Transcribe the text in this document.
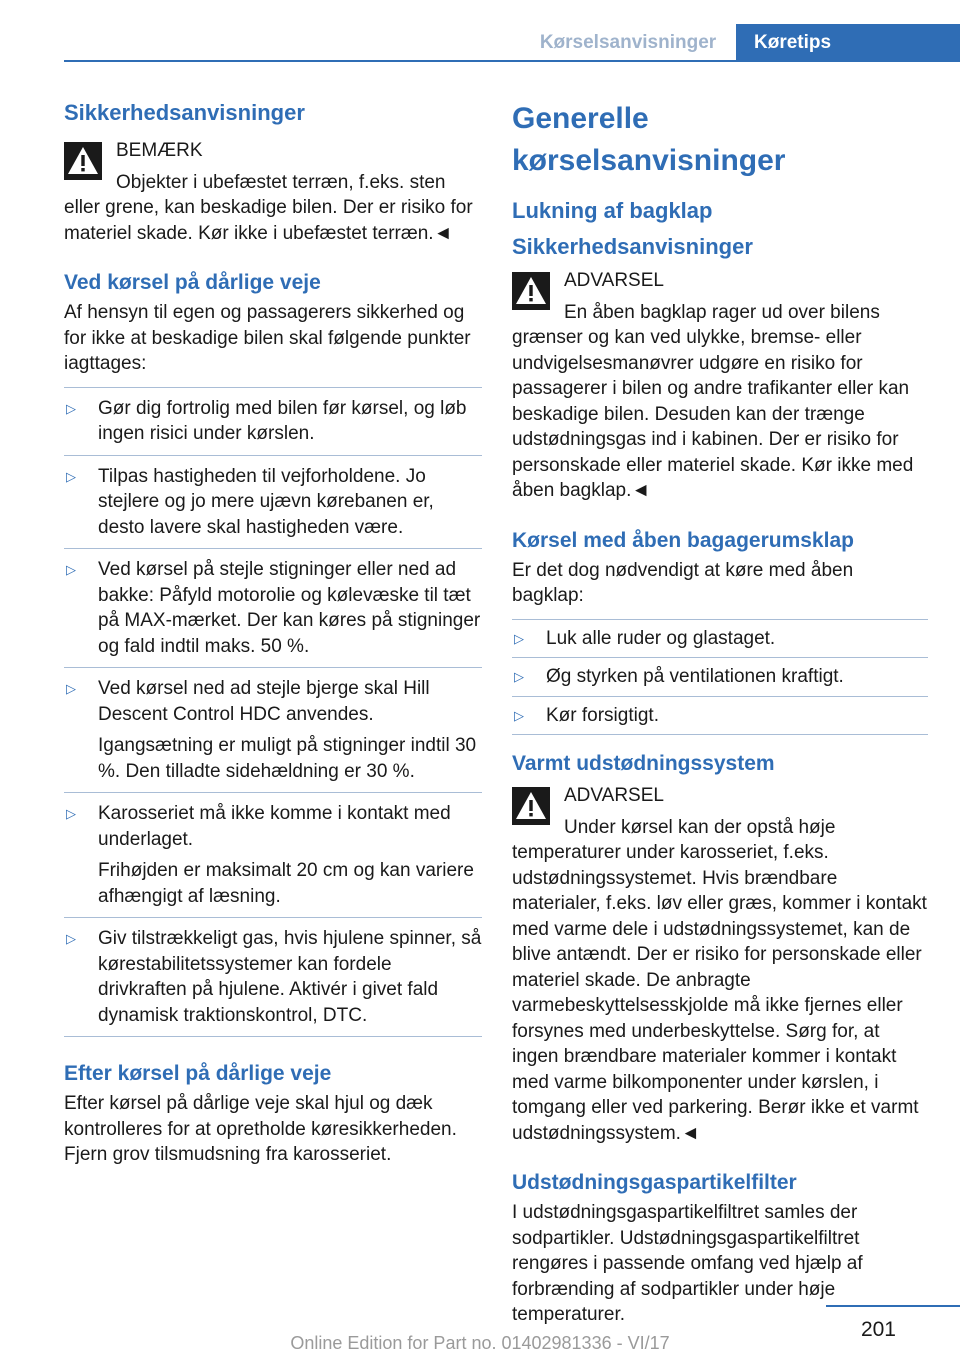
Kørselsanvisninger	Køretips
Sikkerhedsanvisninger
BEMÆRK
Objekter i ubefæstet terræn, f.eks. sten eller grene, kan beskadige bilen. Der er risiko for materiel skade. Kør ikke i ubefæstet terræn.◄
Ved kørsel på dårlige veje

Af hensyn til egen og passagerers sikkerhed og for ikke at beskadige bilen skal følgende punkter iagttages:

▷ Gør dig fortrolig med bilen før kørsel, og løb ingen risici under kørslen.
▷ Tilpas hastigheden til vejforholdene. Jo stejlere og jo mere ujævn kørebanen er, desto lavere skal hastigheden være.
▷ Ved kørsel på stejle stigninger eller ned ad bakke: Påfyld motorolie og kølevæske til tæt på MAX-mærket. Der kan køres på stigninger og fald indtil maks. 50 %.
▷ Ved kørsel ned ad stejle bjerge skal Hill Descent Control HDC anvendes.
Igangsætning er muligt på stigninger indtil 30 %. Den tilladte sidehældning er 30 %.
▷ Karosseriet må ikke komme i kontakt med underlaget.
Frihøjden er maksimalt 20 cm og kan variere afhængigt af læsning.
▷ Giv tilstrækkeligt gas, hvis hjulene spinner, så kørestabilitetssystemer kan fordele drivkraften på hjulene. Aktivér i givet fald dynamisk traktionskontrol, DTC.
Efter kørsel på dårlige veje

Efter kørsel på dårlige veje skal hjul og dæk kontrolleres for at opretholde køresikkerheden. Fjern grov tilsmudsning fra karosseriet.

Generelle kørselsanvisninger
Lukning af bagklap
Sikkerhedsanvisninger
ADVARSEL
En åben bagklap rager ud over bilens grænser og kan ved ulykke, bremse- eller undvigelsesmanøvrer udgøre en risiko for passagerer i bilen og andre trafikanter eller kan beskadige bilen. Desuden kan der trænge udstødningsgas ind i kabinen. Der er risiko for personskade eller materiel skade. Kør ikke med åben bagklap.◄
Kørsel med åben bagagerumsklap

Er det dog nødvendigt at køre med åben bagklap:

▷ Luk alle ruder og glastaget.
▷ Øg styrken på ventilationen kraftigt.
▷ Kør forsigtigt.
Varmt udstødningssystem
ADVARSEL
Under kørsel kan der opstå høje temperaturer under karosseriet, f.eks. udstødningssystemet. Hvis brændbare materialer, f.eks. løv eller græs, kommer i kontakt med varme dele i udstødningssystemet, kan de blive antændt. Der er risiko for personskade eller materiel skade. De anbragte varmebeskyttelsesskjolde må ikke fjernes eller forsynes med underbeskyttelse. Sørg for, at ingen brændbare materialer kommer i kontakt med varme bilkomponenter under kørslen, i tomgang eller ved parkering. Berør ikke et varmt udstødningssystem.◄
Udstødningsgaspartikelfilter

I udstødningsgaspartikelfiltret samles der sodpartikler. Udstødningsgaspartikelfiltret rengøres i passende omfang ved hjælp af forbrænding af sodpartikler under høje temperaturer.

201
Online Edition for Part no. 01402981336 - VI/17
